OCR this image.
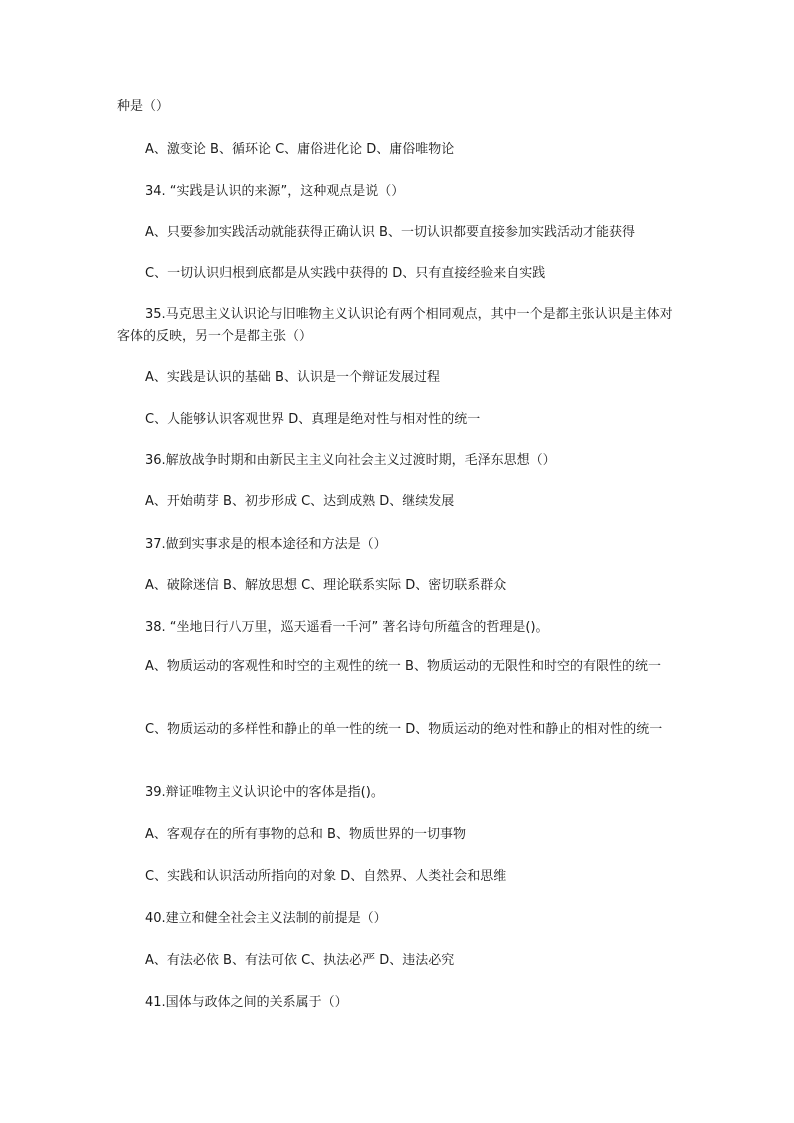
种是（）
A、激变论 B、循环论 C、庸俗进化论 D、庸俗唯物论
34. “实践是认识的来源”，这种观点是说（）
A、只要参加实践活动就能获得正确认识 B、一切认识都要直接参加实践活动才能获得
C、一切认识归根到底都是从实践中获得的 D、只有直接经验来自实践
35.马克思主义认识论与旧唯物主义认识论有两个相同观点，其中一个是都主张认识是主体对客体的反映，另一个是都主张（）
A、实践是认识的基础 B、认识是一个辩证发展过程
C、人能够认识客观世界 D、真理是绝对性与相对性的统一
36.解放战争时期和由新民主主义向社会主义过渡时期，毛泽东思想（）
A、开始萌芽 B、初步形成 C、达到成熟 D、继续发展
37.做到实事求是的根本途径和方法是（）
A、破除迷信 B、解放思想 C、理论联系实际 D、密切联系群众
38. “坐地日行八万里，巡天遥看一千河” 著名诗句所蕴含的哲理是()。
A、物质运动的客观性和时空的主观性的统一 B、物质运动的无限性和时空的有限性的统一
C、物质运动的多样性和静止的单一性的统一 D、物质运动的绝对性和静止的相对性的统一
39.辩证唯物主义认识论中的客体是指()。
A、客观存在的所有事物的总和 B、物质世界的一切事物
C、实践和认识活动所指向的对象 D、自然界、人类社会和思维
40.建立和健全社会主义法制的前提是（）
A、有法必依 B、有法可依 C、执法必严 D、违法必究
41.国体与政体之间的关系属于（）
